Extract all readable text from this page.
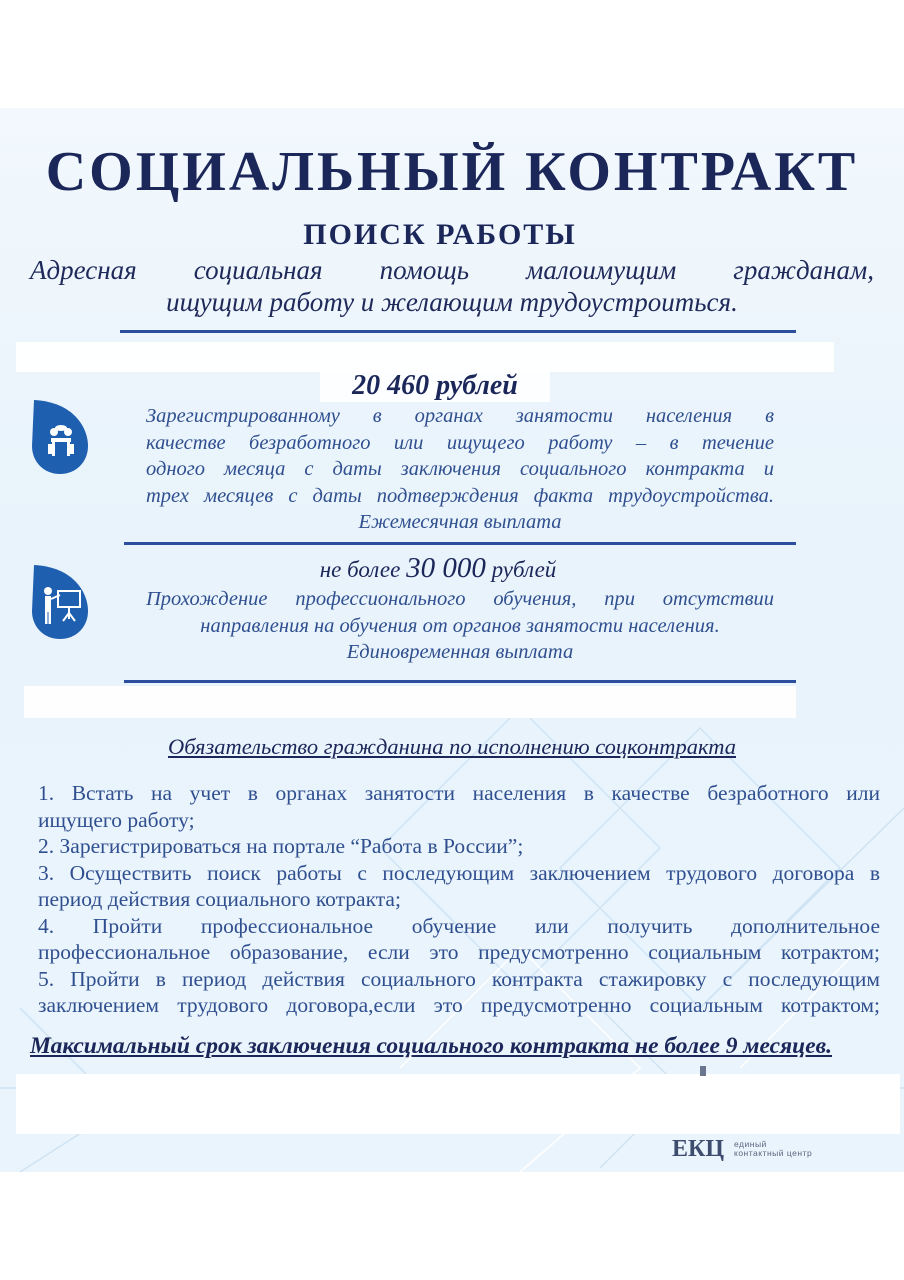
СОЦИАЛЬНЫЙ КОНТРАКТ
ПОИСК РАБОТЫ
Адресная социальная помощь малоимущим гражданам,
ищущим работу и желающим трудоустроиться.
20 460 рублей
Зарегистрированному в органах занятости населения в
качестве безработного или ищущего работу – в течение
одного месяца с даты заключения социального контракта и
трех месяцев с даты подтверждения факта трудоустройства.
Ежемесячная выплата
не более 30 000 рублей
Прохождение профессионального обучения, при отсутствии
направления на обучения от органов занятости населения.
Единовременная выплата
Обязательство гражданина по исполнению соцконтракта
1. Встать на учет в органах занятости населения в качестве безработного или
ищущего работу;
2. Зарегистрироваться на портале “Работа в России”;
3. Осуществить поиск работы с последующим заключением трудового договора в
период действия социального котракта;
4. Пройти профессиональное обучение или получить дополнительное
профессиональное образование, если это предусмотренно социальным котрактом;
5. Пройти в период действия социального контракта стажировку с последующим
заключением трудового договора,если это предусмотренно социальным котрактом;
Максимальный срок заключения социального контракта не более 9 месяцев.
ЕКЦ	единый
контактный центр
